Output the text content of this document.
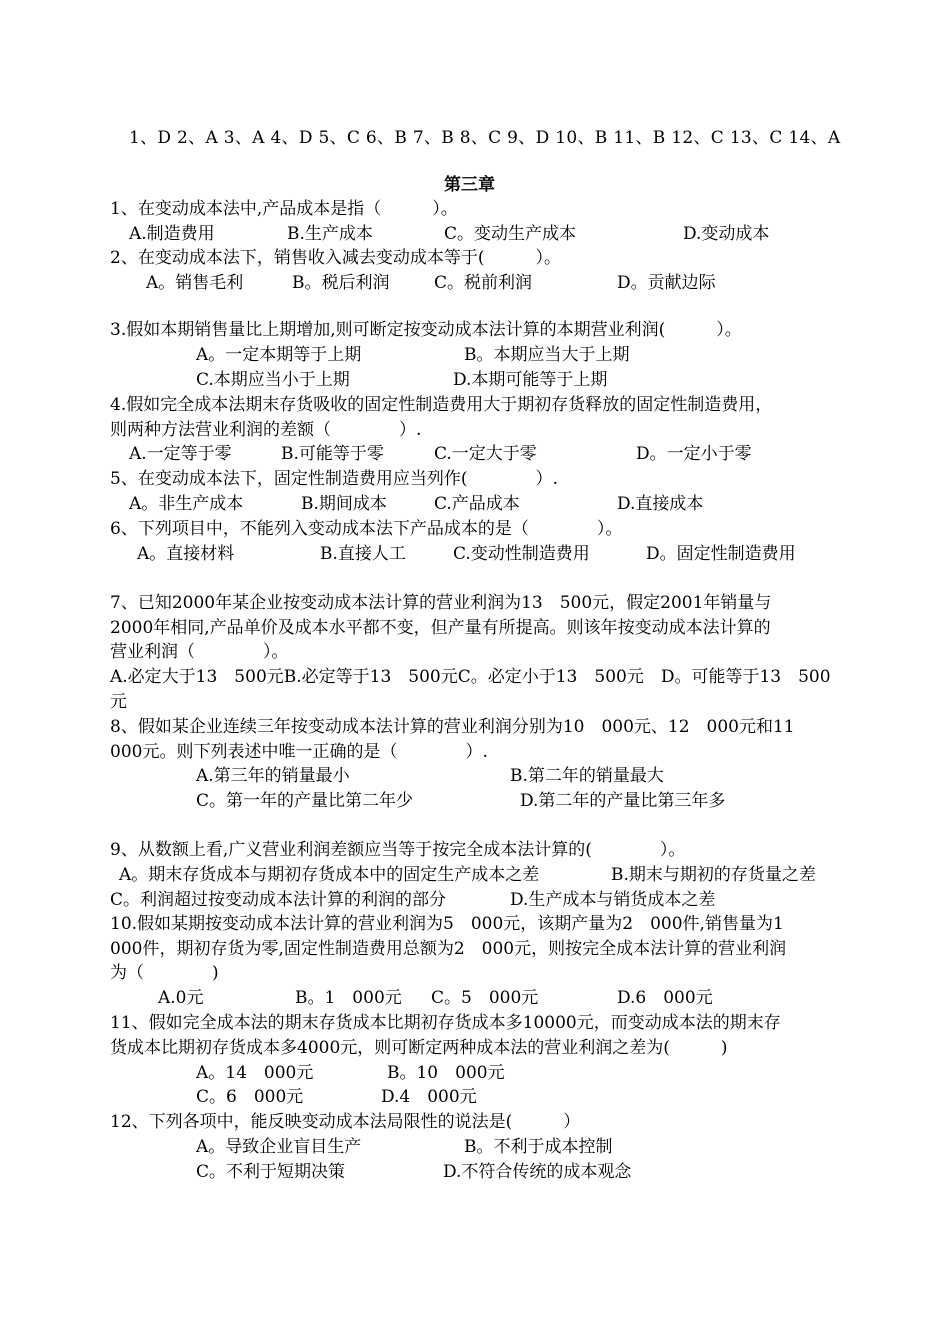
1、D 2、A 3、A 4、D 5、C 6、B 7、B 8、C 9、D 10、B 11、B 12、C 13、C 14、A
第三章
1、在变动成本法中,产品成本是指（　　　）。
A.制造费用	B.生产成本	C。变动生产成本	D.变动成本
2、在变动成本法下，销售收入减去变动成本等于(　　　）。
A。销售毛利	B。税后利润	C。税前利润	D。贡献边际
3.假如本期销售量比上期增加,则可断定按变动成本法计算的本期营业利润(　　　）。
A。一定本期等于上期	B。本期应当大于上期
C.本期应当小于上期	D.本期可能等于上期
4.假如完全成本法期末存货吸收的固定性制造费用大于期初存货释放的固定性制造费用，
则两种方法营业利润的差额（　　　　）.
A.一定等于零	B.可能等于零	C.一定大于零	D。一定小于零
5、在变动成本法下，固定性制造费用应当列作(　　　　）.
A。非生产成本	B.期间成本	C.产品成本	D.直接成本
6、下列项目中，不能列入变动成本法下产品成本的是（　　　　）。
A。直接材料	B.直接人工	C.变动性制造费用	D。固定性制造费用
7、已知2000年某企业按变动成本法计算的营业利润为13　500元，假定2001年销量与
2000年相同,产品单价及成本水平都不变，但产量有所提高。则该年按变动成本法计算的
营业利润（　　　　）。
A.必定大于13　500元B.必定等于13　500元C。必定小于13　500元　D。可能等于13　500
元
8、假如某企业连续三年按变动成本法计算的营业利润分别为10　000元、12　000元和11
000元。则下列表述中唯一正确的是（　　　　）.
A.第三年的销量最小	B.第二年的销量最大
C。第一年的产量比第二年少	D.第二年的产量比第三年多
9、从数额上看,广义营业利润差额应当等于按完全成本法计算的(　　　　）。
A。期末存货成本与期初存货成本中的固定生产成本之差	B.期末与期初的存货量之差
C。利润超过按变动成本法计算的利润的部分	D.生产成本与销货成本之差
10.假如某期按变动成本法计算的营业利润为5　000元，该期产量为2　000件,销售量为1
000件，期初存货为零,固定性制造费用总额为2　000元，则按完全成本法计算的营业利润
为（　　　　)
A.0元	B。1　000元 C。5　000元	D.6　000元
11、假如完全成本法的期末存货成本比期初存货成本多10000元，而变动成本法的期末存
货成本比期初存货成本多4000元，则可断定两种成本法的营业利润之差为(　　　)
A。14　000元	B。10　000元
C。6　000元	D.4　000元
12、下列各项中，能反映变动成本法局限性的说法是(　　　）
A。导致企业盲目生产	B。不利于成本控制
C。不利于短期决策	D.不符合传统的成本观念
